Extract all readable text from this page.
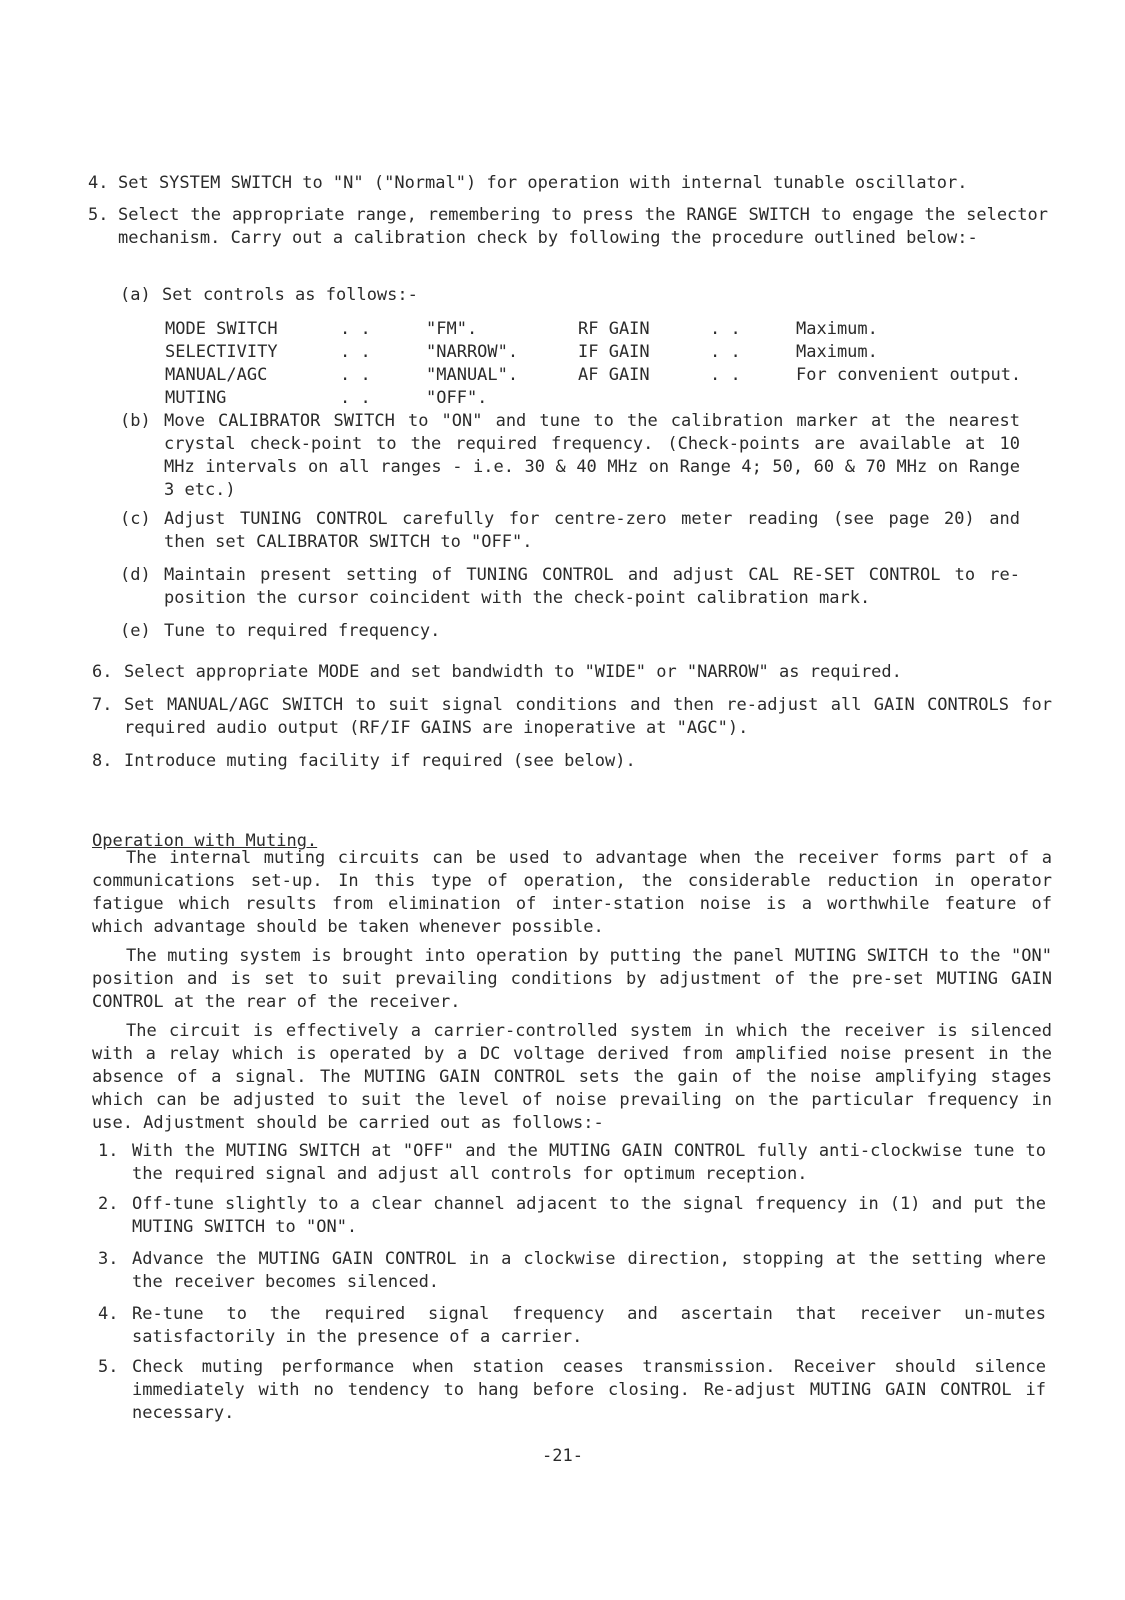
4. Set SYSTEM SWITCH to "N" ("Normal") for operation with internal tunable oscillator.
5. Select the appropriate range, remembering to press the RANGE SWITCH to engage the selector mechanism. Carry out a calibration check by following the procedure outlined below:-
(a) Set controls as follows:-
MODE SWITCH	. .	"FM".	RF GAIN	. .	Maximum.
SELECTIVITY	. .	"NARROW".	IF GAIN	. .	Maximum.
MANUAL/AGC	. .	"MANUAL".	AF GAIN	. .	For convenient output.
MUTING	. .	"OFF".			
(b) Move CALIBRATOR SWITCH to "ON" and tune to the calibration marker at the nearest crystal check-point to the required frequency. (Check-points are available at 10 MHz intervals on all ranges - i.e. 30 & 40 MHz on Range 4; 50, 60 & 70 MHz on Range 3 etc.)
(c) Adjust TUNING CONTROL carefully for centre-zero meter reading (see page 20) and then set CALIBRATOR SWITCH to "OFF".
(d) Maintain present setting of TUNING CONTROL and adjust CAL RE-SET CONTROL to re-position the cursor coincident with the check-point calibration mark.
(e) Tune to required frequency.
6. Select appropriate MODE and set bandwidth to "WIDE" or "NARROW" as required.
7. Set MANUAL/AGC SWITCH to suit signal conditions and then re-adjust all GAIN CONTROLS for required audio output (RF/IF GAINS are inoperative at "AGC").
8. Introduce muting facility if required (see below).
Operation with Muting.
The internal muting circuits can be used to advantage when the receiver forms part of a communications set-up. In this type of operation, the considerable reduction in operator fatigue which results from elimination of inter-station noise is a worthwhile feature of which advantage should be taken whenever possible.
The muting system is brought into operation by putting the panel MUTING SWITCH to the "ON" position and is set to suit prevailing conditions by adjustment of the pre-set MUTING GAIN CONTROL at the rear of the receiver.
The circuit is effectively a carrier-controlled system in which the receiver is silenced with a relay which is operated by a DC voltage derived from amplified noise present in the absence of a signal. The MUTING GAIN CONTROL sets the gain of the noise amplifying stages which can be adjusted to suit the level of noise prevailing on the particular frequency in use. Adjustment should be carried out as follows:-
1. With the MUTING SWITCH at "OFF" and the MUTING GAIN CONTROL fully anti-clockwise tune to the required signal and adjust all controls for optimum reception.
2. Off-tune slightly to a clear channel adjacent to the signal frequency in (1) and put the MUTING SWITCH to "ON".
3. Advance the MUTING GAIN CONTROL in a clockwise direction, stopping at the setting where the receiver becomes silenced.
4. Re-tune to the required signal frequency and ascertain that receiver un-mutes satisfactorily in the presence of a carrier.
5. Check muting performance when station ceases transmission. Receiver should silence immediately with no tendency to hang before closing. Re-adjust MUTING GAIN CONTROL if necessary.
-21-
